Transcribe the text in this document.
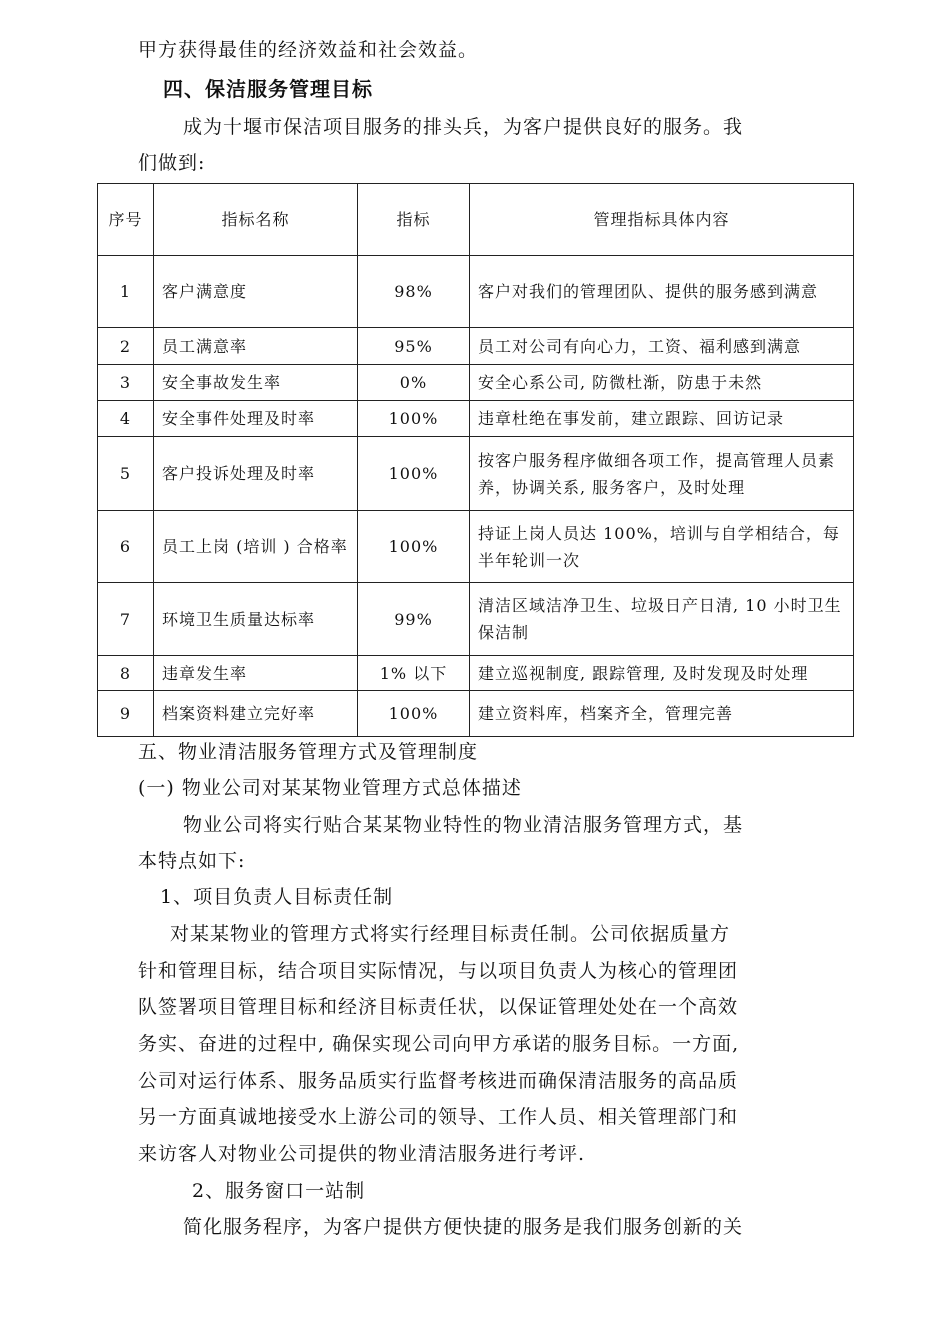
甲方获得最佳的经济效益和社会效益。
四、保洁服务管理目标
成为十堰市保洁项目服务的排头兵，为客户提供良好的服务。我
们做到:
序号	指标名称	指标	管理指标具体内容
1	客户满意度	98%	客户对我们的管理团队、提供的服务感到满意
2	员工满意率	95%	员工对公司有向心力，工资、福利感到满意
3	安全事故发生率	0%	安全心系公司, 防微杜渐，防患于未然
4	安全事件处理及时率	100%	违章杜绝在事发前，建立跟踪、回访记录
5	客户投诉处理及时率	100%	按客户服务程序做细各项工作，提高管理人员素养，协调关系, 服务客户，及时处理
6	员工上岗 (培训 ) 合格率	100%	持证上岗人员达 100%，培训与自学相结合，每半年轮训一次
7	环境卫生质量达标率	99%	清洁区域洁净卫生、垃圾日产日清, 10 小时卫生保洁制
8	违章发生率	1% 以下	建立巡视制度, 跟踪管理, 及时发现及时处理
9	档案资料建立完好率	100%	建立资料库，档案齐全，管理完善
五、物业清洁服务管理方式及管理制度
(一) 物业公司对某某物业管理方式总体描述
物业公司将实行贴合某某物业特性的物业清洁服务管理方式，基
本特点如下:
1、项目负责人目标责任制
对某某物业的管理方式将实行经理目标责任制。公司依据质量方
针和管理目标，结合项目实际情况，与以项目负责人为核心的管理团
队签署项目管理目标和经济目标责任状，以保证管理处处在一个高效
务实、奋进的过程中, 确保实现公司向甲方承诺的服务目标。一方面,
公司对运行体系、服务品质实行监督考核进而确保清洁服务的高品质
另一方面真诚地接受水上游公司的领导、工作人员、相关管理部门和
来访客人对物业公司提供的物业清洁服务进行考评.
2、服务窗口一站制
简化服务程序，为客户提供方便快捷的服务是我们服务创新的关
